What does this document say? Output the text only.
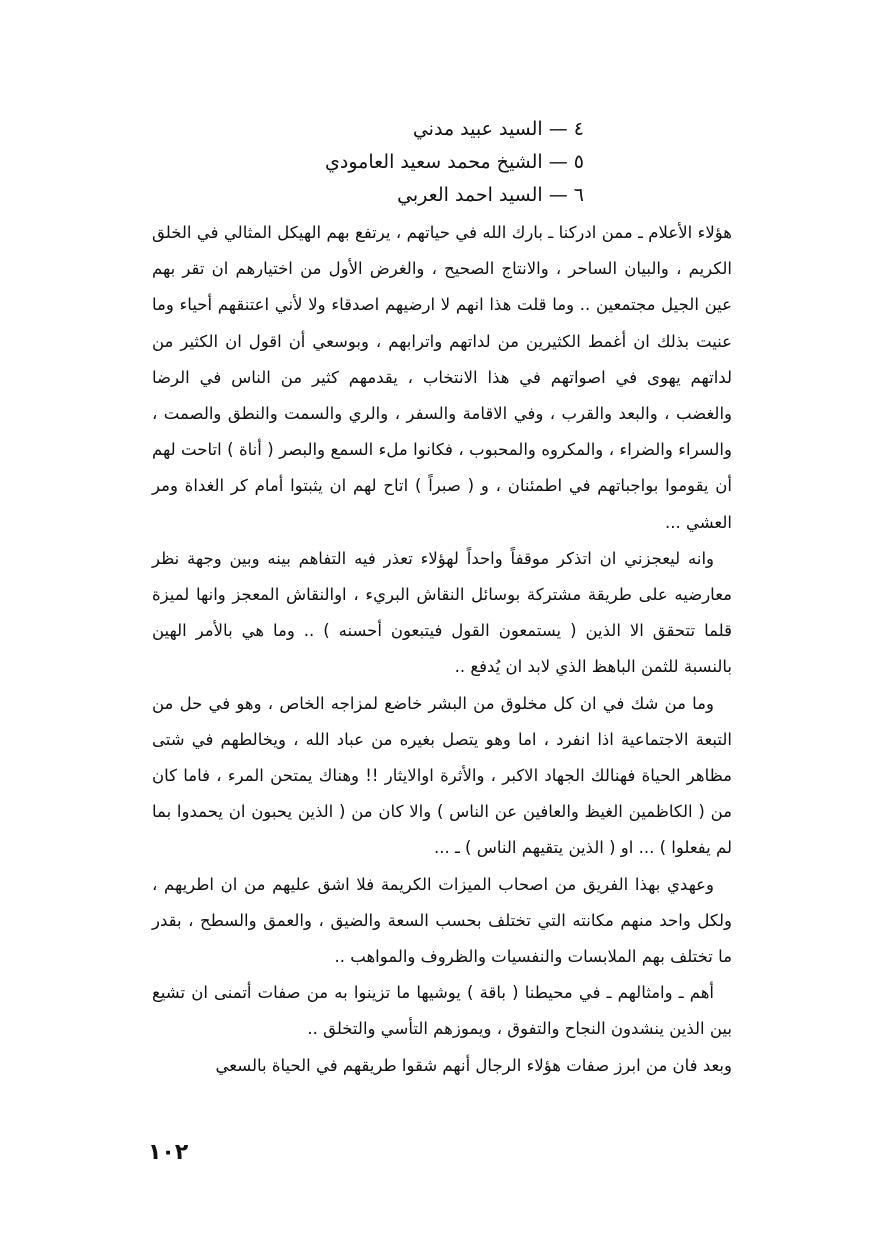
٤ — السيد عبيد مدني
٥ — الشيخ محمد سعيد العامودي
٦ — السيد احمد العربي

هؤلاء الأعلام ـ ممن ادركنا ـ بارك الله في حياتهم ، يرتفع بهم الهيكل المثالي في الخلق الكريم ، والبيان الساحر ، والانتاج الصحيح ، والغرض الأول من اختيارهم ان تقر بهم عين الجيل مجتمعين .. وما قلت هذا انهم لا ارضيهم اصدقاء ولا لأني اعتنقهم أحياء وما عنيت بذلك ان أغمط الكثيرين من لداتهم واترابهم ، وبوسعي أن اقول ان الكثير من لداتهم يهوى في اصواتهم في هذا الانتخاب ، يقدمهم كثير من الناس في الرضا والغضب ، والبعد والقرب ، وفي الاقامة والسفر ، والري والسمت والنطق والصمت ، والسراء والضراء ، والمكروه والمحبوب ، فكانوا ملء السمع والبصر ( أناة ) اتاحت لهم أن يقوموا بواجباتهم في اطمئنان ، و ( صبراً ) اتاح لهم ان يثبتوا أمام كر الغداة ومر العشي ...

وانه ليعجزني ان اتذكر موقفاً واحداً لهؤلاء تعذر فيه التفاهم بينه وبين وجهة نظر معارضيه على طريقة مشتركة بوسائل النقاش البريء ، اوالنقاش المعجز وانها لميزة قلما تتحقق الا الذين ( يستمعون القول فيتبعون أحسنه ) .. وما هي بالأمر الهين بالنسبة للثمن الباهظ الذي لابد ان يُدفع ..

وما من شك في ان كل مخلوق من البشر خاضع لمزاجه الخاص ، وهو في حل من التبعة الاجتماعية اذا انفرد ، اما وهو يتصل بغيره من عباد الله ، ويخالطهم في شتى مظاهر الحياة فهنالك الجهاد الاكبر ، والأثرة اوالايثار !! وهناك يمتحن المرء ، فاما كان من ( الكاظمين الغيظ والعافين عن الناس ) والا كان من ( الذين يحبون ان يحمدوا بما لم يفعلوا ) ... او ( الذين يتقيهم الناس ) ـ ...

وعهدي بهذا الفريق من اصحاب الميزات الكريمة فلا اشق عليهم من ان اطريهم ، ولكل واحد منهم مكانته التي تختلف بحسب السعة والضيق ، والعمق والسطح ، بقدر ما تختلف بهم الملابسات والنفسيات والظروف والمواهب ..

أهم ـ وامثالهم ـ في محيطنا ( باقة ) يوشيها ما تزينوا به من صفات أتمنى ان تشيع بين الذين ينشدون النجاح والتفوق ، ويموزهم التأسي والتخلق ..

وبعد فان من ابرز صفات هؤلاء الرجال أنهم شقوا طريقهم في الحياة بالسعي

١٠٢
